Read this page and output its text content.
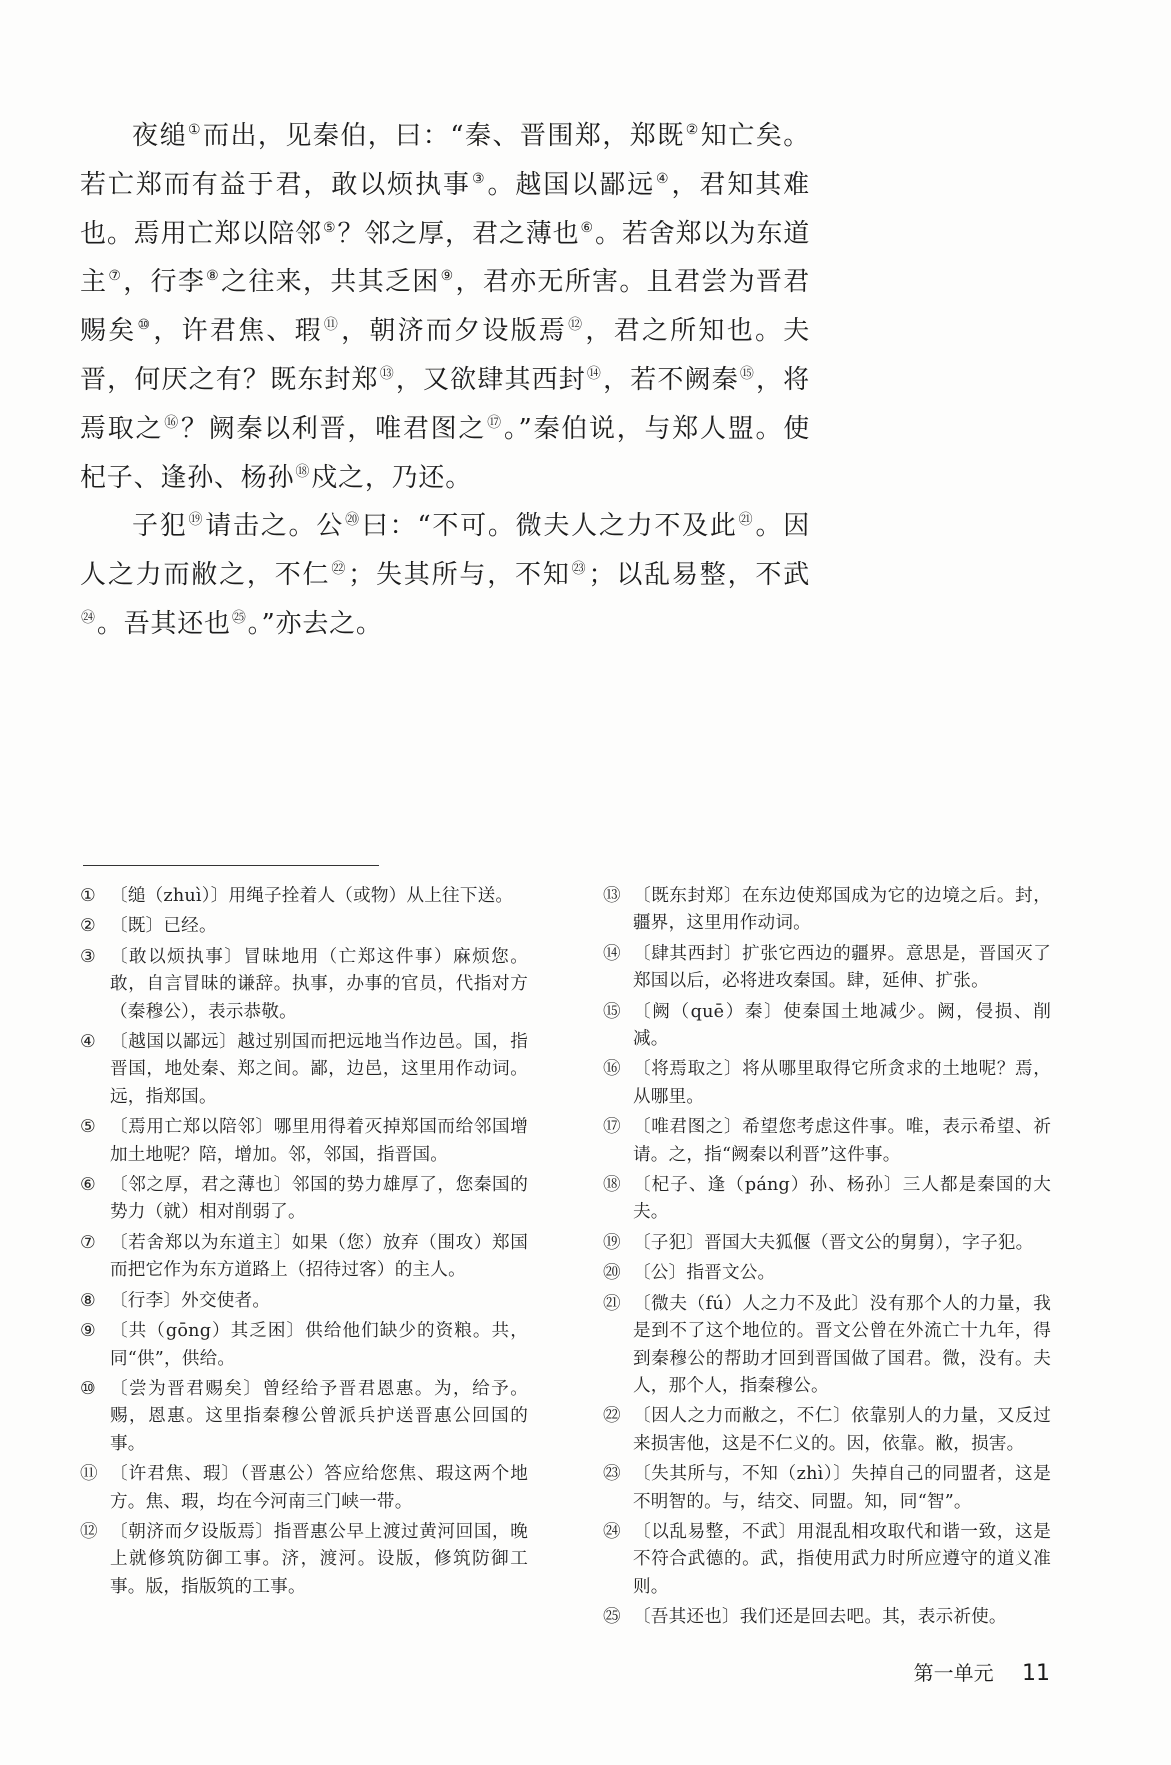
夜缒①而出，见秦伯，曰：“秦、晋围郑，郑既②知亡矣。若亡郑而有益于君，敢以烦执事③。越国以鄙远④，君知其难也。焉用亡郑以陪邻⑤？邻之厚，君之薄也⑥。若舍郑以为东道主⑦，行李⑧之往来，共其乏困⑨，君亦无所害。且君尝为晋君赐矣⑩，许君焦、瑕⑪，朝济而夕设版焉⑫，君之所知也。夫晋，何厌之有？既东封郑⑬，又欲肆其西封⑭，若不阙秦⑮，将焉取之⑯？阙秦以利晋，唯君图之⑰。”秦伯说，与郑人盟。使杞子、逢孙、杨孙⑱戍之，乃还。

子犯⑲请击之。公⑳曰：“不可。微夫人之力不及此$^㉑$。因人之力而敝之，不仁$^㉒$；失其所与，不知$^㉓$；以乱易整，不武$^㉔$。吾其还也$^㉕$。”亦去之。

① 〔缒（zhuì）〕用绳子拴着人（或物）从上往下送。
② 〔既〕已经。
③ 〔敢以烦执事〕冒昧地用（亡郑这件事）麻烦您。敢，自言冒昧的谦辞。执事，办事的官员，代指对方（秦穆公），表示恭敬。
④ 〔越国以鄙远〕越过别国而把远地当作边邑。国，指晋国，地处秦、郑之间。鄙，边邑，这里用作动词。远，指郑国。
⑤ 〔焉用亡郑以陪邻〕哪里用得着灭掉郑国而给邻国增加土地呢？陪，增加。邻，邻国，指晋国。
⑥ 〔邻之厚，君之薄也〕邻国的势力雄厚了，您秦国的势力（就）相对削弱了。
⑦ 〔若舍郑以为东道主〕如果（您）放弃（围攻）郑国而把它作为东方道路上（招待过客）的主人。
⑧ 〔行李〕外交使者。
⑨ 〔共（gōng）其乏困〕供给他们缺少的资粮。共，同“供”，供给。
⑩ 〔尝为晋君赐矣〕曾经给予晋君恩惠。为，给予。赐，恩惠。这里指秦穆公曾派兵护送晋惠公回国的事。
⑪ 〔许君焦、瑕〕（晋惠公）答应给您焦、瑕这两个地方。焦、瑕，均在今河南三门峡一带。
⑫ 〔朝济而夕设版焉〕指晋惠公早上渡过黄河回国，晚上就修筑防御工事。济，渡河。设版，修筑防御工事。版，指版筑的工事。
⑬ 〔既东封郑〕在东边使郑国成为它的边境之后。封，疆界，这里用作动词。
⑭ 〔肆其西封〕扩张它西边的疆界。意思是，晋国灭了郑国以后，必将进攻秦国。肆，延伸、扩张。
⑮ 〔阙（quē）秦〕使秦国土地减少。阙，侵损、削减。
⑯ 〔将焉取之〕将从哪里取得它所贪求的土地呢？焉，从哪里。
⑰ 〔唯君图之〕希望您考虑这件事。唯，表示希望、祈请。之，指“阙秦以利晋”这件事。
⑱ 〔杞子、逢（páng）孙、杨孙〕三人都是秦国的大夫。
⑲ 〔子犯〕晋国大夫狐偃（晋文公的舅舅），字子犯。
⑳ 〔公〕指晋文公。
㉑ 〔微夫（fú）人之力不及此〕没有那个人的力量，我是到不了这个地位的。晋文公曾在外流亡十九年，得到秦穆公的帮助才回到晋国做了国君。微，没有。夫人，那个人，指秦穆公。
㉒ 〔因人之力而敝之，不仁〕依靠别人的力量，又反过来损害他，这是不仁义的。因，依靠。敝，损害。
㉓ 〔失其所与，不知（zhì）〕失掉自己的同盟者，这是不明智的。与，结交、同盟。知，同“智”。
㉔ 〔以乱易整，不武〕用混乱相攻取代和谐一致，这是不符合武德的。武，指使用武力时所应遵守的道义准则。
㉕ 〔吾其还也〕我们还是回去吧。其，表示祈使。
第一单元 11
